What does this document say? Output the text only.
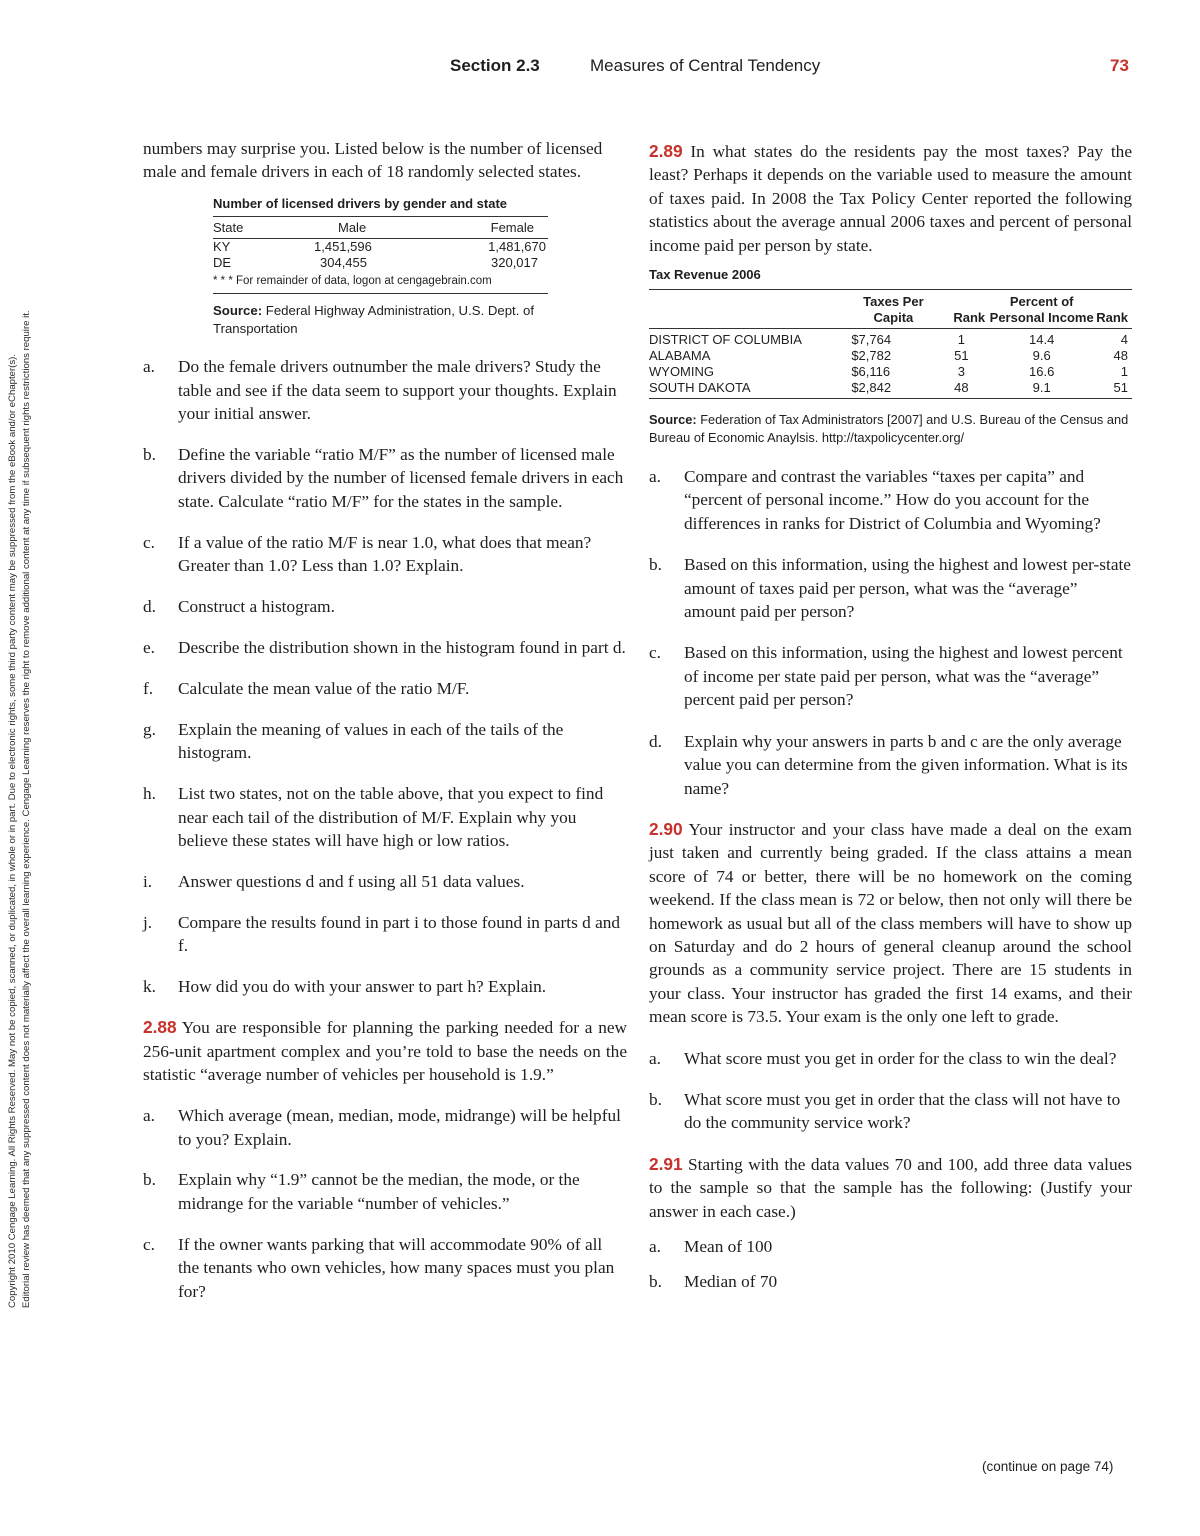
Section 2.3	Measures of Central Tendency	73
Copyright 2010 Cengage Learning. All Rights Reserved. May not be copied, scanned, or duplicated, in whole or in part. Due to electronic rights, some third party content may be suppressed from the eBook and/or eChapter(s). Editorial review has deemed that any suppressed content does not materially affect the overall learning experience. Cengage Learning reserves the right to remove additional content at any time if subsequent rights restrictions require it.

numbers may surprise you. Listed below is the number of licensed male and female drivers in each of 18 randomly selected states.

Number of licensed drivers by gender and state
State	Male	Female
KY	1,451,596	1,481,670
DE	304,455	320,017
* * * For remainder of data, logon at cengagebrain.com		
Source: Federal Highway Administration, U.S. Dept. of Transportation
a. Do the female drivers outnumber the male drivers? Study the table and see if the data seem to support your thoughts. Explain your initial answer.
b. Define the variable “ratio M/F” as the number of licensed male drivers divided by the number of licensed female drivers in each state. Calculate “ratio M/F” for the states in the sample.
c. If a value of the ratio M/F is near 1.0, what does that mean? Greater than 1.0? Less than 1.0? Explain.
d. Construct a histogram.
e. Describe the distribution shown in the histogram found in part d.
f. Calculate the mean value of the ratio M/F.
g. Explain the meaning of values in each of the tails of the histogram.
h. List two states, not on the table above, that you expect to find near each tail of the distribution of M/F. Explain why you believe these states will have high or low ratios.
i. Answer questions d and f using all 51 data values.
j. Compare the results found in part i to those found in parts d and f.
k. How did you do with your answer to part h? Explain.

2.88 You are responsible for planning the parking needed for a new 256-unit apartment complex and you’re told to base the needs on the statistic “average number of vehicles per household is 1.9.”

a. Which average (mean, median, mode, midrange) will be helpful to you? Explain.
b. Explain why “1.9” cannot be the median, the mode, or the midrange for the variable “number of vehicles.”
c. If the owner wants parking that will accommodate 90% of all the tenants who own vehicles, how many spaces must you plan for?

2.89 In what states do the residents pay the most taxes? Pay the least? Perhaps it depends on the variable used to measure the amount of taxes paid. In 2008 the Tax Policy Center reported the following statistics about the average annual 2006 taxes and percent of personal income paid per person by state.

Tax Revenue 2006
	Taxes Per Capita	Rank	Percent of Personal Income	Rank
DISTRICT OF COLUMBIA	$7,764	1	14.4	4
ALABAMA	$2,782	51	9.6	48
WYOMING	$6,116	3	16.6	1
SOUTH DAKOTA	$2,842	48	9.1	51
Source: Federation of Tax Administrators [2007] and U.S. Bureau of the Census and Bureau of Economic Anaylsis. http://taxpolicycenter.org/
a. Compare and contrast the variables “taxes per capita” and “percent of personal income.” How do you account for the differences in ranks for District of Columbia and Wyoming?
b. Based on this information, using the highest and lowest per-state amount of taxes paid per person, what was the “average” amount paid per person?
c. Based on this information, using the highest and lowest percent of income per state paid per person, what was the “average” percent paid per person?
d. Explain why your answers in parts b and c are the only average value you can determine from the given information. What is its name?

2.90 Your instructor and your class have made a deal on the exam just taken and currently being graded. If the class attains a mean score of 74 or better, there will be no homework on the coming weekend. If the class mean is 72 or below, then not only will there be homework as usual but all of the class members will have to show up on Saturday and do 2 hours of general cleanup around the school grounds as a community service project. There are 15 students in your class. Your instructor has graded the first 14 exams, and their mean score is 73.5. Your exam is the only one left to grade.

a. What score must you get in order for the class to win the deal?
b. What score must you get in order that the class will not have to do the community service work?

2.91 Starting with the data values 70 and 100, add three data values to the sample so that the sample has the following: (Justify your answer in each case.)

a. Mean of 100
b. Median of 70
(continue on page 74)
